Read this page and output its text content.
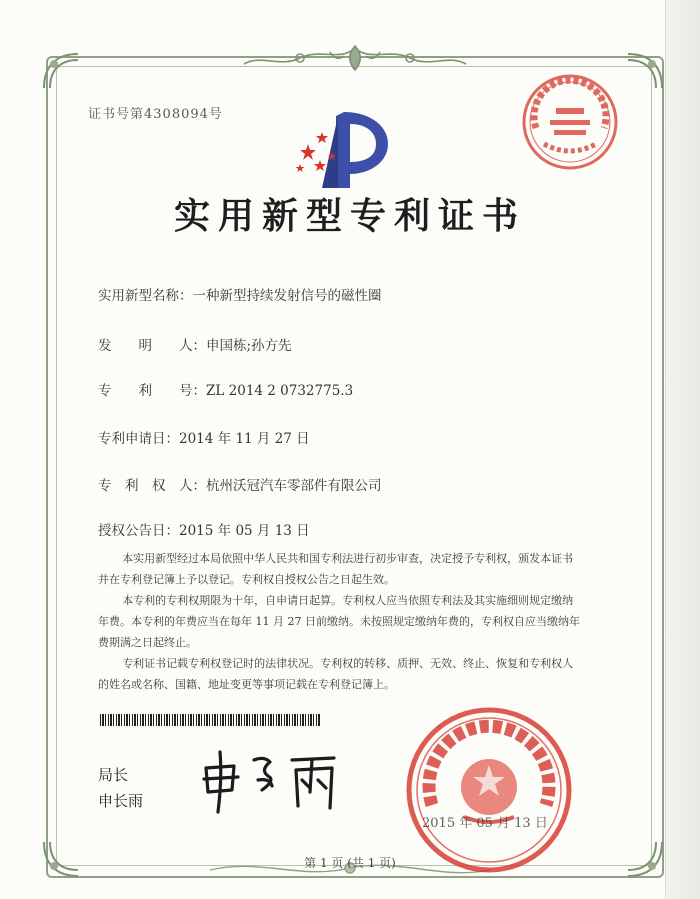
证书号第4308094号
实用新型专利证书
实用新型名称：一种新型持续发射信号的磁性圈
发　　明　　人：申国栋;孙方先
专　　利　　号：ZL 2014 2 0732775.3
专利申请日：2014 年 11 月 27 日
专　利　权　人：杭州沃冠汽车零部件有限公司
授权公告日：2015 年 05 月 13 日

本实用新型经过本局依照中华人民共和国专利法进行初步审查，决定授予专利权，颁发本证书并在专利登记簿上予以登记。专利权自授权公告之日起生效。

本专利的专利权期限为十年，自申请日起算。专利权人应当依照专利法及其实施细则规定缴纳年费。本专利的年费应当在每年 11 月 27 日前缴纳。未按照规定缴纳年费的，专利权自应当缴纳年费期满之日起终止。

专利证书记载专利权登记时的法律状况。专利权的转移、质押、无效、终止、恢复和专利权人的姓名或名称、国籍、地址变更等事项记载在专利登记簿上。

局长
申长雨
2015 年 05 月 13 日
第 1 页 (共 1 页)
